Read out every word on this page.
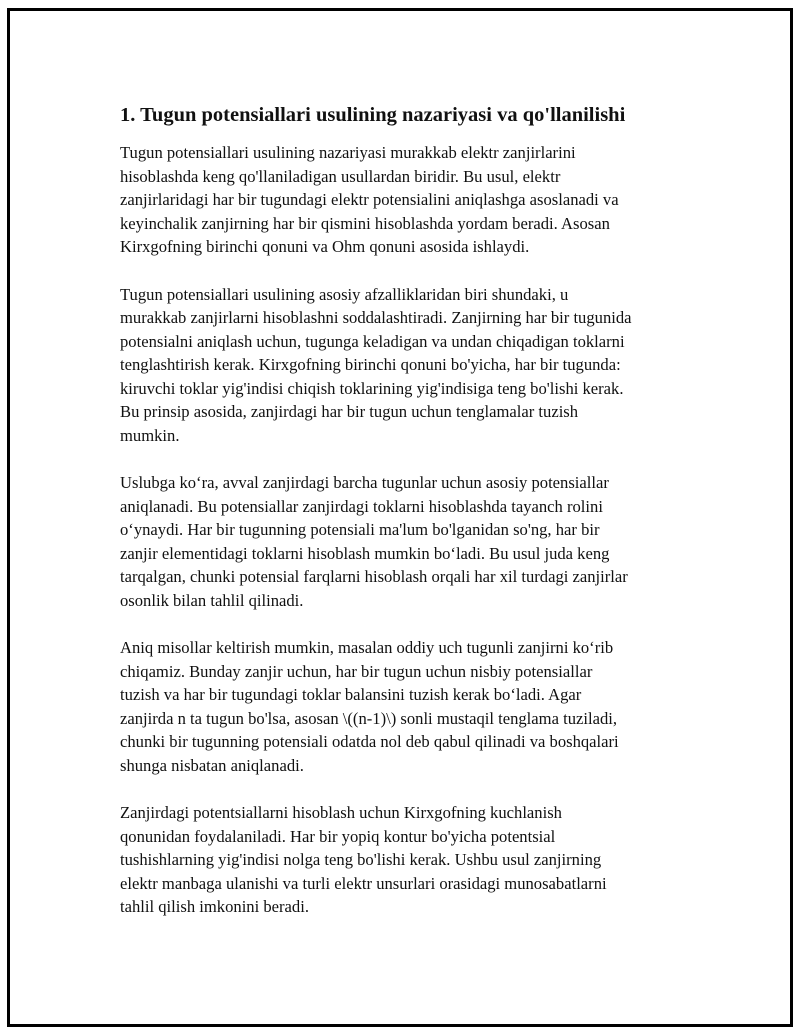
1. Tugun potensiallari usulining nazariyasi va qo'llanilishi

Tugun potensiallari usulining nazariyasi murakkab elektr zanjirlarini
hisoblashda keng qo'llaniladigan usullardan biridir. Bu usul, elektr
zanjirlaridagi har bir tugundagi elektr potensialini aniqlashga asoslanadi va
keyinchalik zanjirning har bir qismini hisoblashda yordam beradi. Asosan
Kirxgofning birinchi qonuni va Ohm qonuni asosida ishlaydi.

Tugun potensiallari usulining asosiy afzalliklaridan biri shundaki, u
murakkab zanjirlarni hisoblashni soddalashtiradi. Zanjirning har bir tugunida
potensialni aniqlash uchun, tugunga keladigan va undan chiqadigan toklarni
tenglashtirish kerak. Kirxgofning birinchi qonuni bo'yicha, har bir tugunda:
kiruvchi toklar yig'indisi chiqish toklarining yig'indisiga teng bo'lishi kerak.
Bu prinsip asosida, zanjirdagi har bir tugun uchun tenglamalar tuzish
mumkin.

Uslubga ko‘ra, avval zanjirdagi barcha tugunlar uchun asosiy potensiallar
aniqlanadi. Bu potensiallar zanjirdagi toklarni hisoblashda tayanch rolini
o‘ynaydi. Har bir tugunning potensiali ma'lum bo'lganidan so'ng, har bir
zanjir elementidagi toklarni hisoblash mumkin bo‘ladi. Bu usul juda keng
tarqalgan, chunki potensial farqlarni hisoblash orqali har xil turdagi zanjirlar
osonlik bilan tahlil qilinadi.

Aniq misollar keltirish mumkin, masalan oddiy uch tugunli zanjirni ko‘rib
chiqamiz. Bunday zanjir uchun, har bir tugun uchun nisbiy potensiallar
tuzish va har bir tugundagi toklar balansini tuzish kerak bo‘ladi. Agar
zanjirda n ta tugun bo'lsa, asosan \((n-1)\) sonli mustaqil tenglama tuziladi,
chunki bir tugunning potensiali odatda nol deb qabul qilinadi va boshqalari
shunga nisbatan aniqlanadi.

Zanjirdagi potentsiallarni hisoblash uchun Kirxgofning kuchlanish
qonunidan foydalaniladi. Har bir yopiq kontur bo'yicha potentsial
tushishlarning yig'indisi nolga teng bo'lishi kerak. Ushbu usul zanjirning
elektr manbaga ulanishi va turli elektr unsurlari orasidagi munosabatlarni
tahlil qilish imkonini beradi.
